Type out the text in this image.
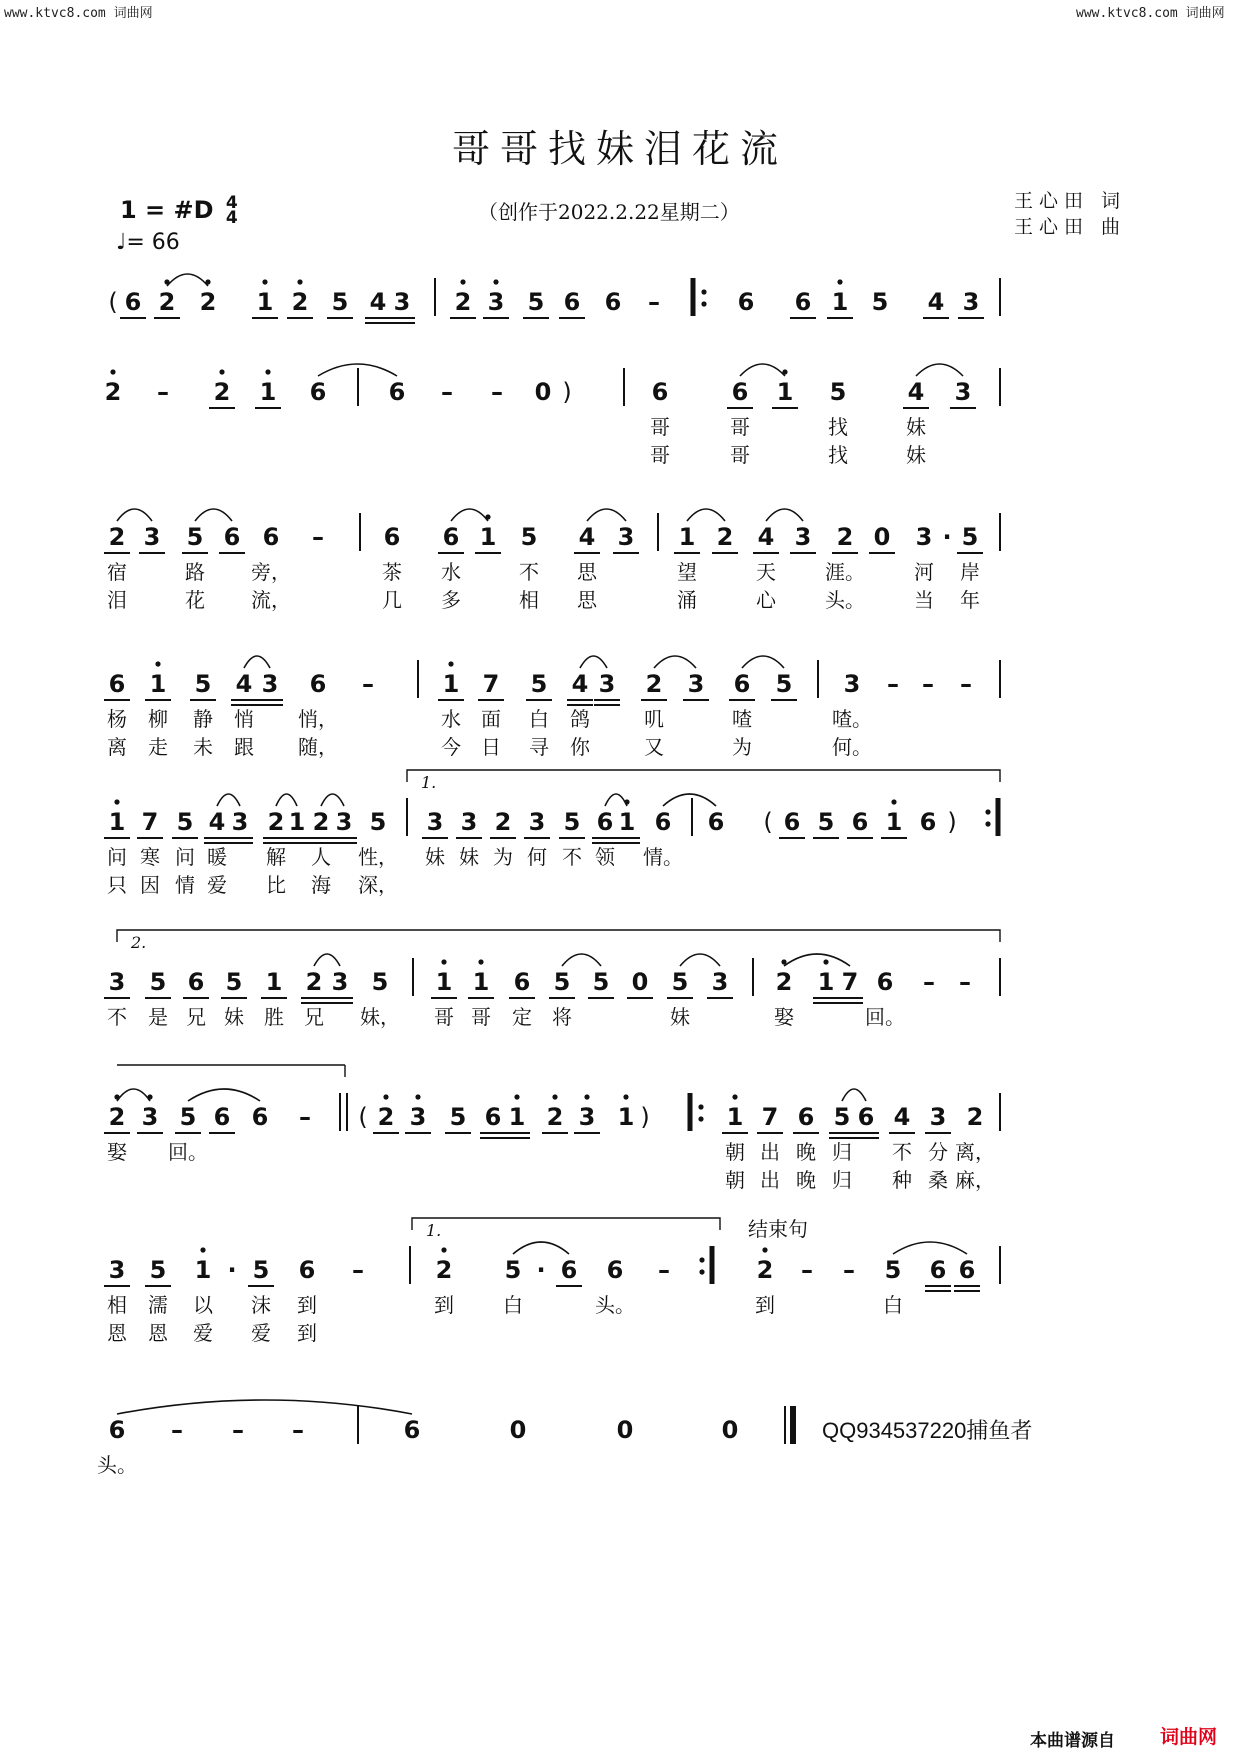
www.ktvc8.com 词曲网	www.ktvc8.com 词曲网
哥哥找妹泪花流
1 = #D 4
4
♩= 66
（创作于2022.2.22星期二）	王心田 词
王心田 曲
( 6 2 2 1 2 5 4 3 2 3 5 6 6 –	6 6 1 5 4 3
2 – 2 1 6	6 – – 0 )	6	6 1 5	4 3
哥	哥	找	妹
哥	哥	找	妹
2 3 5 6 6 – 6 6 1 5 4 3 1 2 4 3 2 0 3 · 5
宿	路 旁，	茶 水	不 思	望	天 涯。 河 岸
泪	花 流，	几 多	相 思	涌	心 头。 当 年
6 1 5 4 3 6 –	1 7 5 4 3 2 3 6 5 3 – – –
杨 柳 静 悄 悄，	水 面 白 鸽	叽	喳	喳。
离 走 未 跟 随，	今 日 寻 你	又	为	何。
1.
1 7 5 4 3 2 1 2 3 5 3 3 2 3 5 6 1 6 6 ( 6 5 6 1 6 )
问 寒 问 暖 解 人 性， 妹 妹 为 何 不 领 情。
只 因 情 爱 比 海 深，
2.
3 5 6 5 1 2 3 5 1 1 6 5 5 0 5 3 2 1 7 6 – –
不 是 兄 妹 胜 兄 妹， 哥 哥 定 将	妹	娶	回。
2 3 5 6 6 – ( 2 3 5 6 1 2 3 1 )	1 7 6 5 6 4 3 2
娶 回。	朝 出 晚 归 不 分 离，
朝 出 晚 归 种 桑 麻，
1.	结束句
3 5 1 · 5 6 –	2 5 · 6 6 –	2 – – 5 6 6
相 濡 以 沫 到	到 白	头。	到	白
恩 恩 爱 爱 到
6 – – –	6	0	0	0	QQ934537220捕鱼者
头。
本曲谱源自 词曲网
